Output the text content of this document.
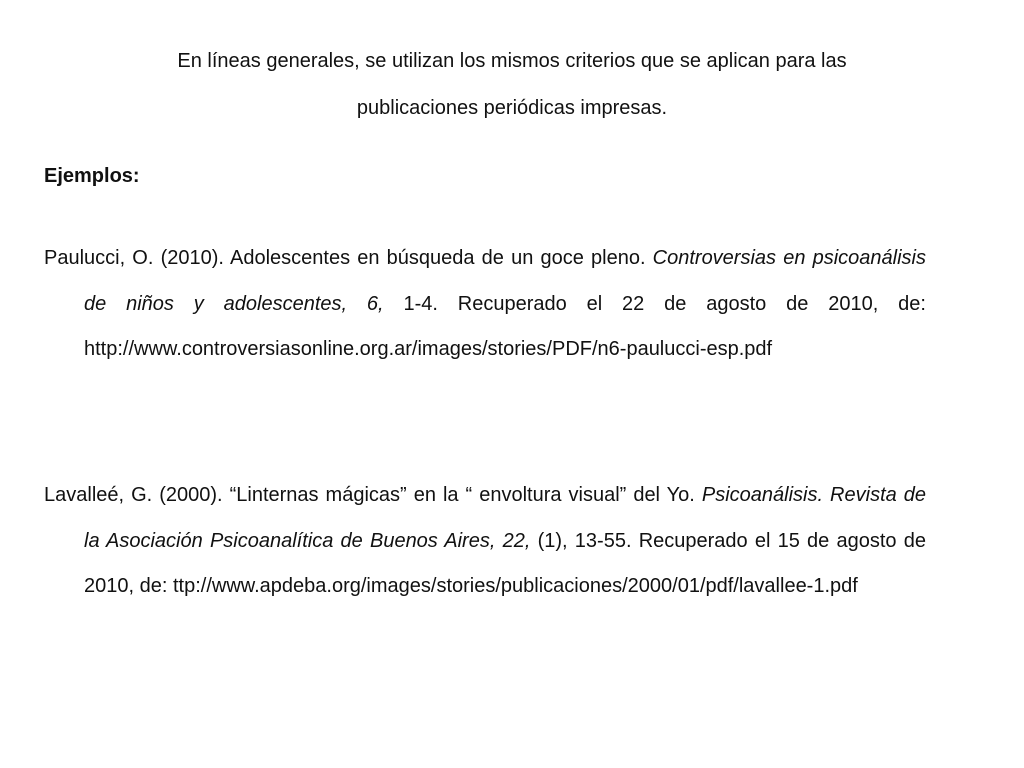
En líneas generales, se utilizan los mismos criterios que se aplican para las
publicaciones periódicas impresas.
Ejemplos:
Paulucci, O. (2010). Adolescentes en búsqueda de un goce pleno. Controversias en psicoanálisis de niños y adolescentes, 6, 1-4. Recuperado el 22 de agosto de 2010, de: http://www.controversiasonline.org.ar/images/stories/PDF/n6-paulucci-esp.pdf
Lavalleé, G. (2000). “Linternas mágicas” en la “ envoltura visual” del Yo. Psicoanálisis. Revista de la Asociación Psicoanalítica de Buenos Aires, 22, (1), 13-55. Recuperado el 15 de agosto de 2010, de: ttp://www.apdeba.org/images/stories/publicaciones/2000/01/pdf/lavallee-1.pdf
